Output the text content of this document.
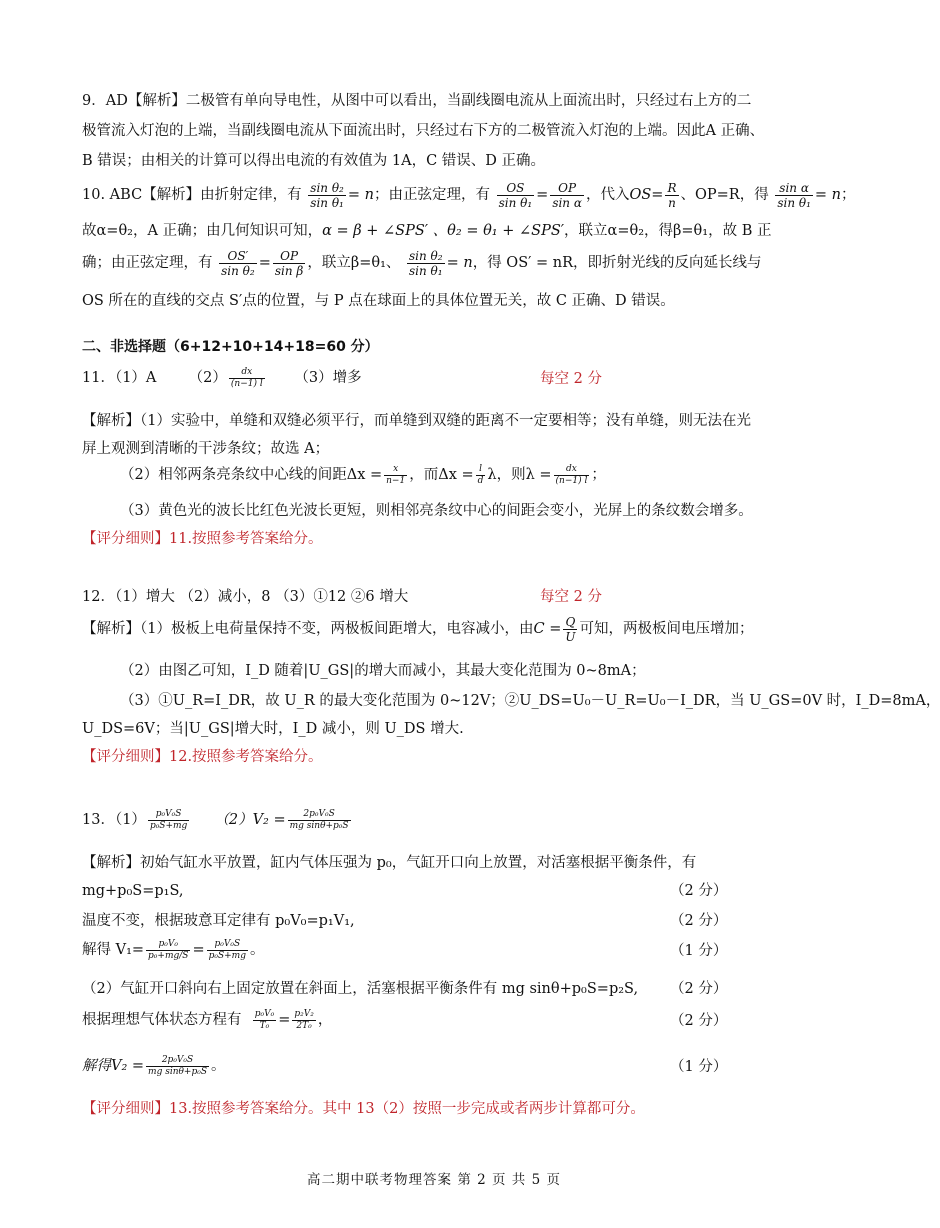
9．AD【解析】二极管有单向导电性，从图中可以看出，当副线圈电流从上面流出时，只经过右上方的二
极管流入灯泡的上端，当副线圈电流从下面流出时，只经过右下方的二极管流入灯泡的上端。因此A 正确、
B 错误；由相关的计算可以得出电流的有效值为 1A，C 错误、D 正确。
10. ABC【解析】由折射定律，有 $\frac{\text{sin θ₂}}{\text{sin θ₁}} = n$；由正弦定理，有 $\frac{OS}{\text{sin θ₁}} = \frac{OP}{\text{sin α}}$ ，代入$OS= \frac{R}{n}$ 、OP=R，得 $\frac{\text{sin α}}{\text{sin θ₁}} = n$；
故α=θ₂，A 正确；由几何知识可知，α = β + ∠SPS′ 、θ₂ = θ₁ + ∠SPS′，联立α=θ₂，得β=θ₁，故 B 正
确；由正弦定理，有 $\frac{OS'}{\text{sin θ₂}} = \frac{OP}{\text{sin β}}$ ，联立β=θ₁、 $\frac{\text{sin θ₂}}{\text{sin θ₁}} = n$，得 OS′ = nR，即折射光线的反向延长线与
OS 所在的直线的交点 S′点的位置，与 P 点在球面上的具体位置无关，故 C 正确、D 错误。
二、非选择题（6+12+10+14+18=60 分）
11．（1）A $(2) \frac{dx}{(n-1) l} (3)$增多	每空 2 分
【解析】（1）实验中，单缝和双缝必须平行，而单缝到双缝的距离不一定要相等；没有单缝，则无法在光
屏上观测到清晰的干涉条纹；故选 A；
（2）相邻两条亮条纹中心线的间距$\Delta x = \frac{x}{n-1}$ ，而$\Delta x = \frac{l}{d}$ λ，则$\lambda = \frac{dx}{(n-1) l}$ ；
（3）黄色光的波长比红色光波长更短，则相邻亮条纹中心的间距会变小，光屏上的条纹数会增多。
【评分细则】11.按照参考答案给分。
12．（1）增大 （2）减小，8 （3）①12 ②6 增大	每空 2 分
【解析】（1）极板上电荷量保持不变，两极板间距增大，电容减小，由$C = \frac{Q}{U}$ 可知，两极板间电压增加；
（2）由图乙可知，I_D 随着|U_GS|的增大而减小，其最大变化范围为 0~8mA；
（3）①U_R=I_DR，故 U_R 的最大变化范围为 0~12V；②U_DS=U₀－U_R=U₀－I_DR，当 U_GS=0V 时，I_D=8mA，
U_DS=6V；当|U_GS|增大时，I_D 减小，则 U_DS 增大.
【评分细则】12.按照参考答案给分。
13．$(1) \frac{\text{p₀V₀S}}{\text{p₀S+mg}} (2)V_2 = \frac{\text{2p₀V₀S}}{\text{mg sinθ+p₀S}}$
【解析】初始气缸水平放置，缸内气体压强为 p₀，气缸开口向上放置，对活塞根据平衡条件，有
mg+p₀S=p₁S,	（2 分）
温度不变，根据玻意耳定律有 p₀V₀=p₁V₁,	（2 分）
解得 $V_1= \frac{\text{p₀V₀}}{\text{p₀+mg/S}} = \frac{\text{p₀V₀S}}{\text{p₀S+mg}}$ 。	（1 分）
（2）气缸开口斜向右上固定放置在斜面上，活塞根据平衡条件有 mg sinθ+p₀S=p₂S,	（2 分）
根据理想气体状态方程有 $\frac{\text{p₀V₀}}{\text{T₀}} = \frac{\text{p₂V₂}}{\text{2T₀}}$ ，	（2 分）
解得$V_2 = \frac{\text{2p₀V₀S}}{\text{mg sinθ+p₀S}}$ 。	（1 分）
【评分细则】13.按照参考答案给分。其中 13（2）按照一步完成或者两步计算都可分。
高二期中联考物理答案 第 2 页 共 5 页
